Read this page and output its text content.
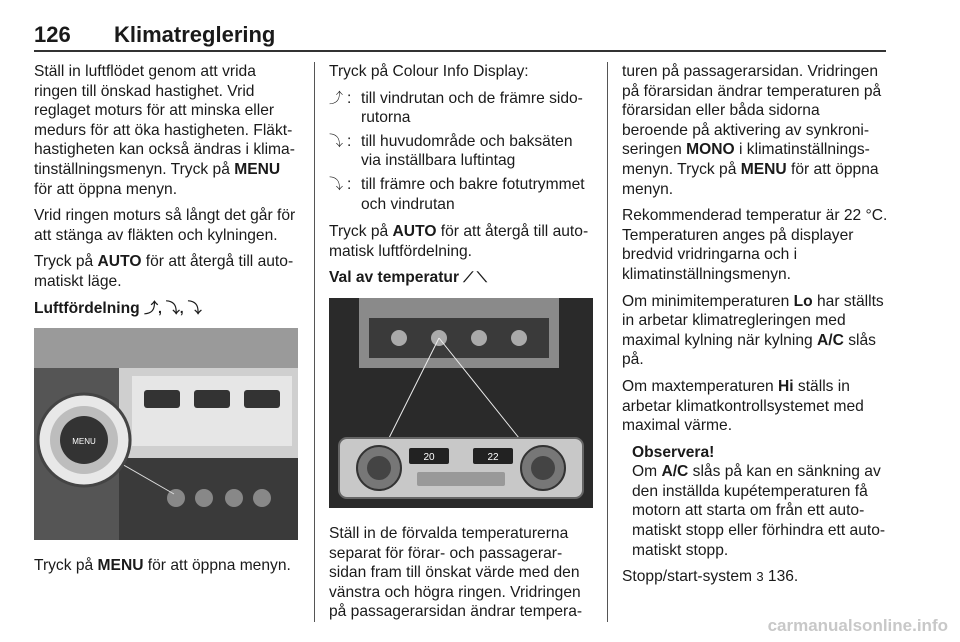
126 Klimatreglering

Ställ in luftflödet genom att vrida ringen till önskad hastighet. Vrid reglaget moturs för att minska eller medurs för att öka hastigheten. Fläkt-hastigheten kan också ändras i klima-tinställningsmenyn. Tryck på MENU för att öppna menyn.

Vrid ringen moturs så långt det går för att stänga av fläkten och kylningen.

Tryck på AUTO för att återgå till auto-matiskt läge.

Luftfördelning ⤴, ⤵, ⤵

MENU

Tryck på MENU för att öppna menyn.

Tryck på Colour Info Display:

⤴ : till vindrutan och de främre sido-rutorna
⤵ : till huvudområde och baksäten via inställbara luftintag
⤵ : till främre och bakre fotutrymmet och vindrutan

Tryck på AUTO för att återgå till auto-matisk luftfördelning.

Val av temperatur ⟋ ⟍

20	22

Ställ in de förvalda temperaturerna separat för förar- och passagerar-sidan fram till önskat värde med den vänstra och högra ringen. Vridringen på passagerarsidan ändrar tempera-

turen på passagerarsidan. Vridringen på förarsidan ändrar temperaturen på förarsidan eller båda sidorna beroende på aktivering av synkroni-seringen MONO i klimatinställnings-menyn. Tryck på MENU för att öppna menyn.

Rekommenderad temperatur är 22 °C. Temperaturen anges på displayer bredvid vridringarna och i klimatinställningsmenyn.

Om minimitemperaturen Lo har ställts in arbetar klimatregleringen med maximal kylning när kylning A/C slås på.

Om maxtemperaturen Hi ställs in arbetar klimatkontrollsystemet med maximal värme.

Observera!

Om A/C slås på kan en sänkning av den inställda kupétemperaturen få motorn att starta om från ett auto-matiskt stopp eller förhindra ett auto-matiskt stopp.

Stopp/start-system 3 136.

carmanualsonline.info
